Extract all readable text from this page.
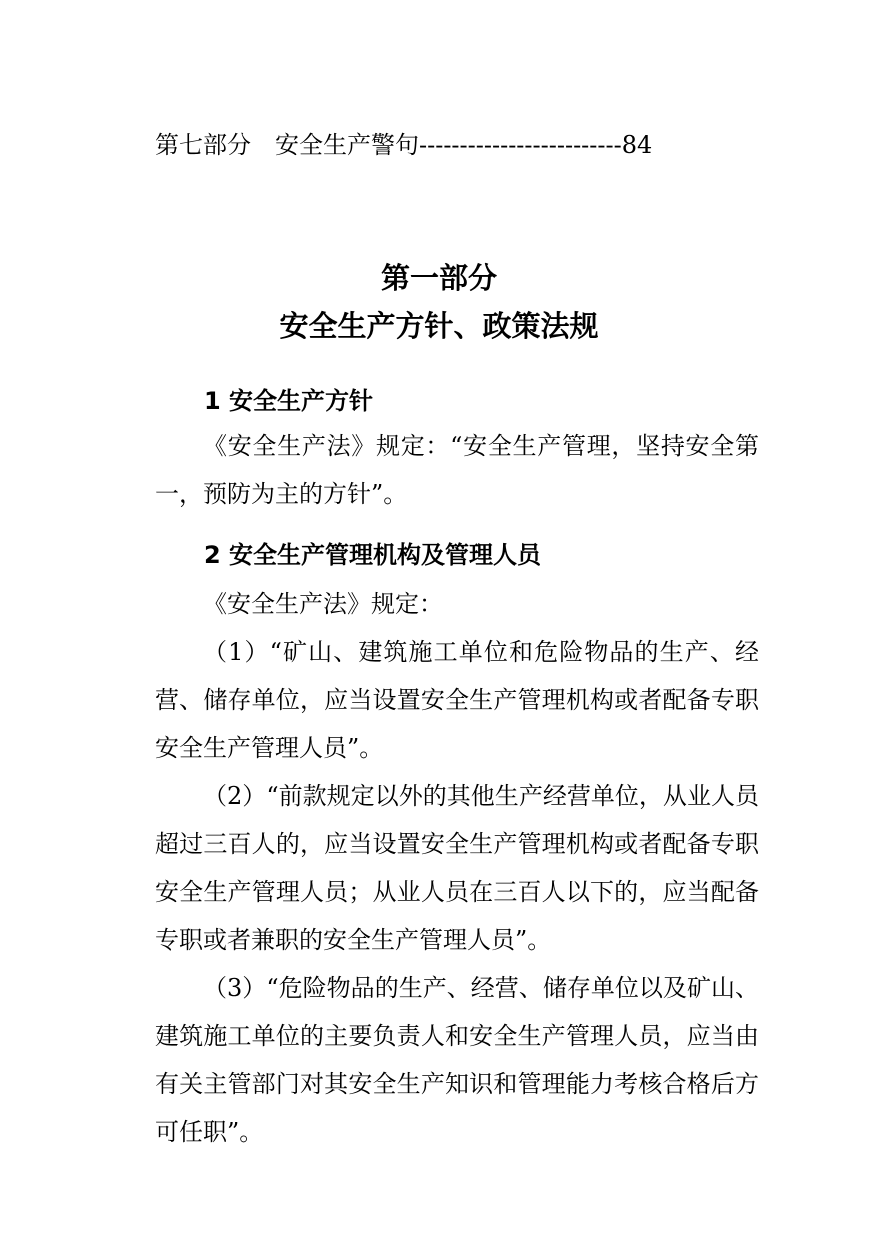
第七部分　安全生产警句-------------------------84
第一部分
安全生产方针、政策法规
1 安全生产方针
《安全生产法》规定：“安全生产管理，坚持安全第一，预防为主的方针”。
2 安全生产管理机构及管理人员
《安全生产法》规定：
（1）“矿山、建筑施工单位和危险物品的生产、经营、储存单位，应当设置安全生产管理机构或者配备专职安全生产管理人员”。
（2）“前款规定以外的其他生产经营单位，从业人员超过三百人的，应当设置安全生产管理机构或者配备专职安全生产管理人员；从业人员在三百人以下的，应当配备专职或者兼职的安全生产管理人员”。
（3）“危险物品的生产、经营、储存单位以及矿山、建筑施工单位的主要负责人和安全生产管理人员，应当由有关主管部门对其安全生产知识和管理能力考核合格后方可任职”。
